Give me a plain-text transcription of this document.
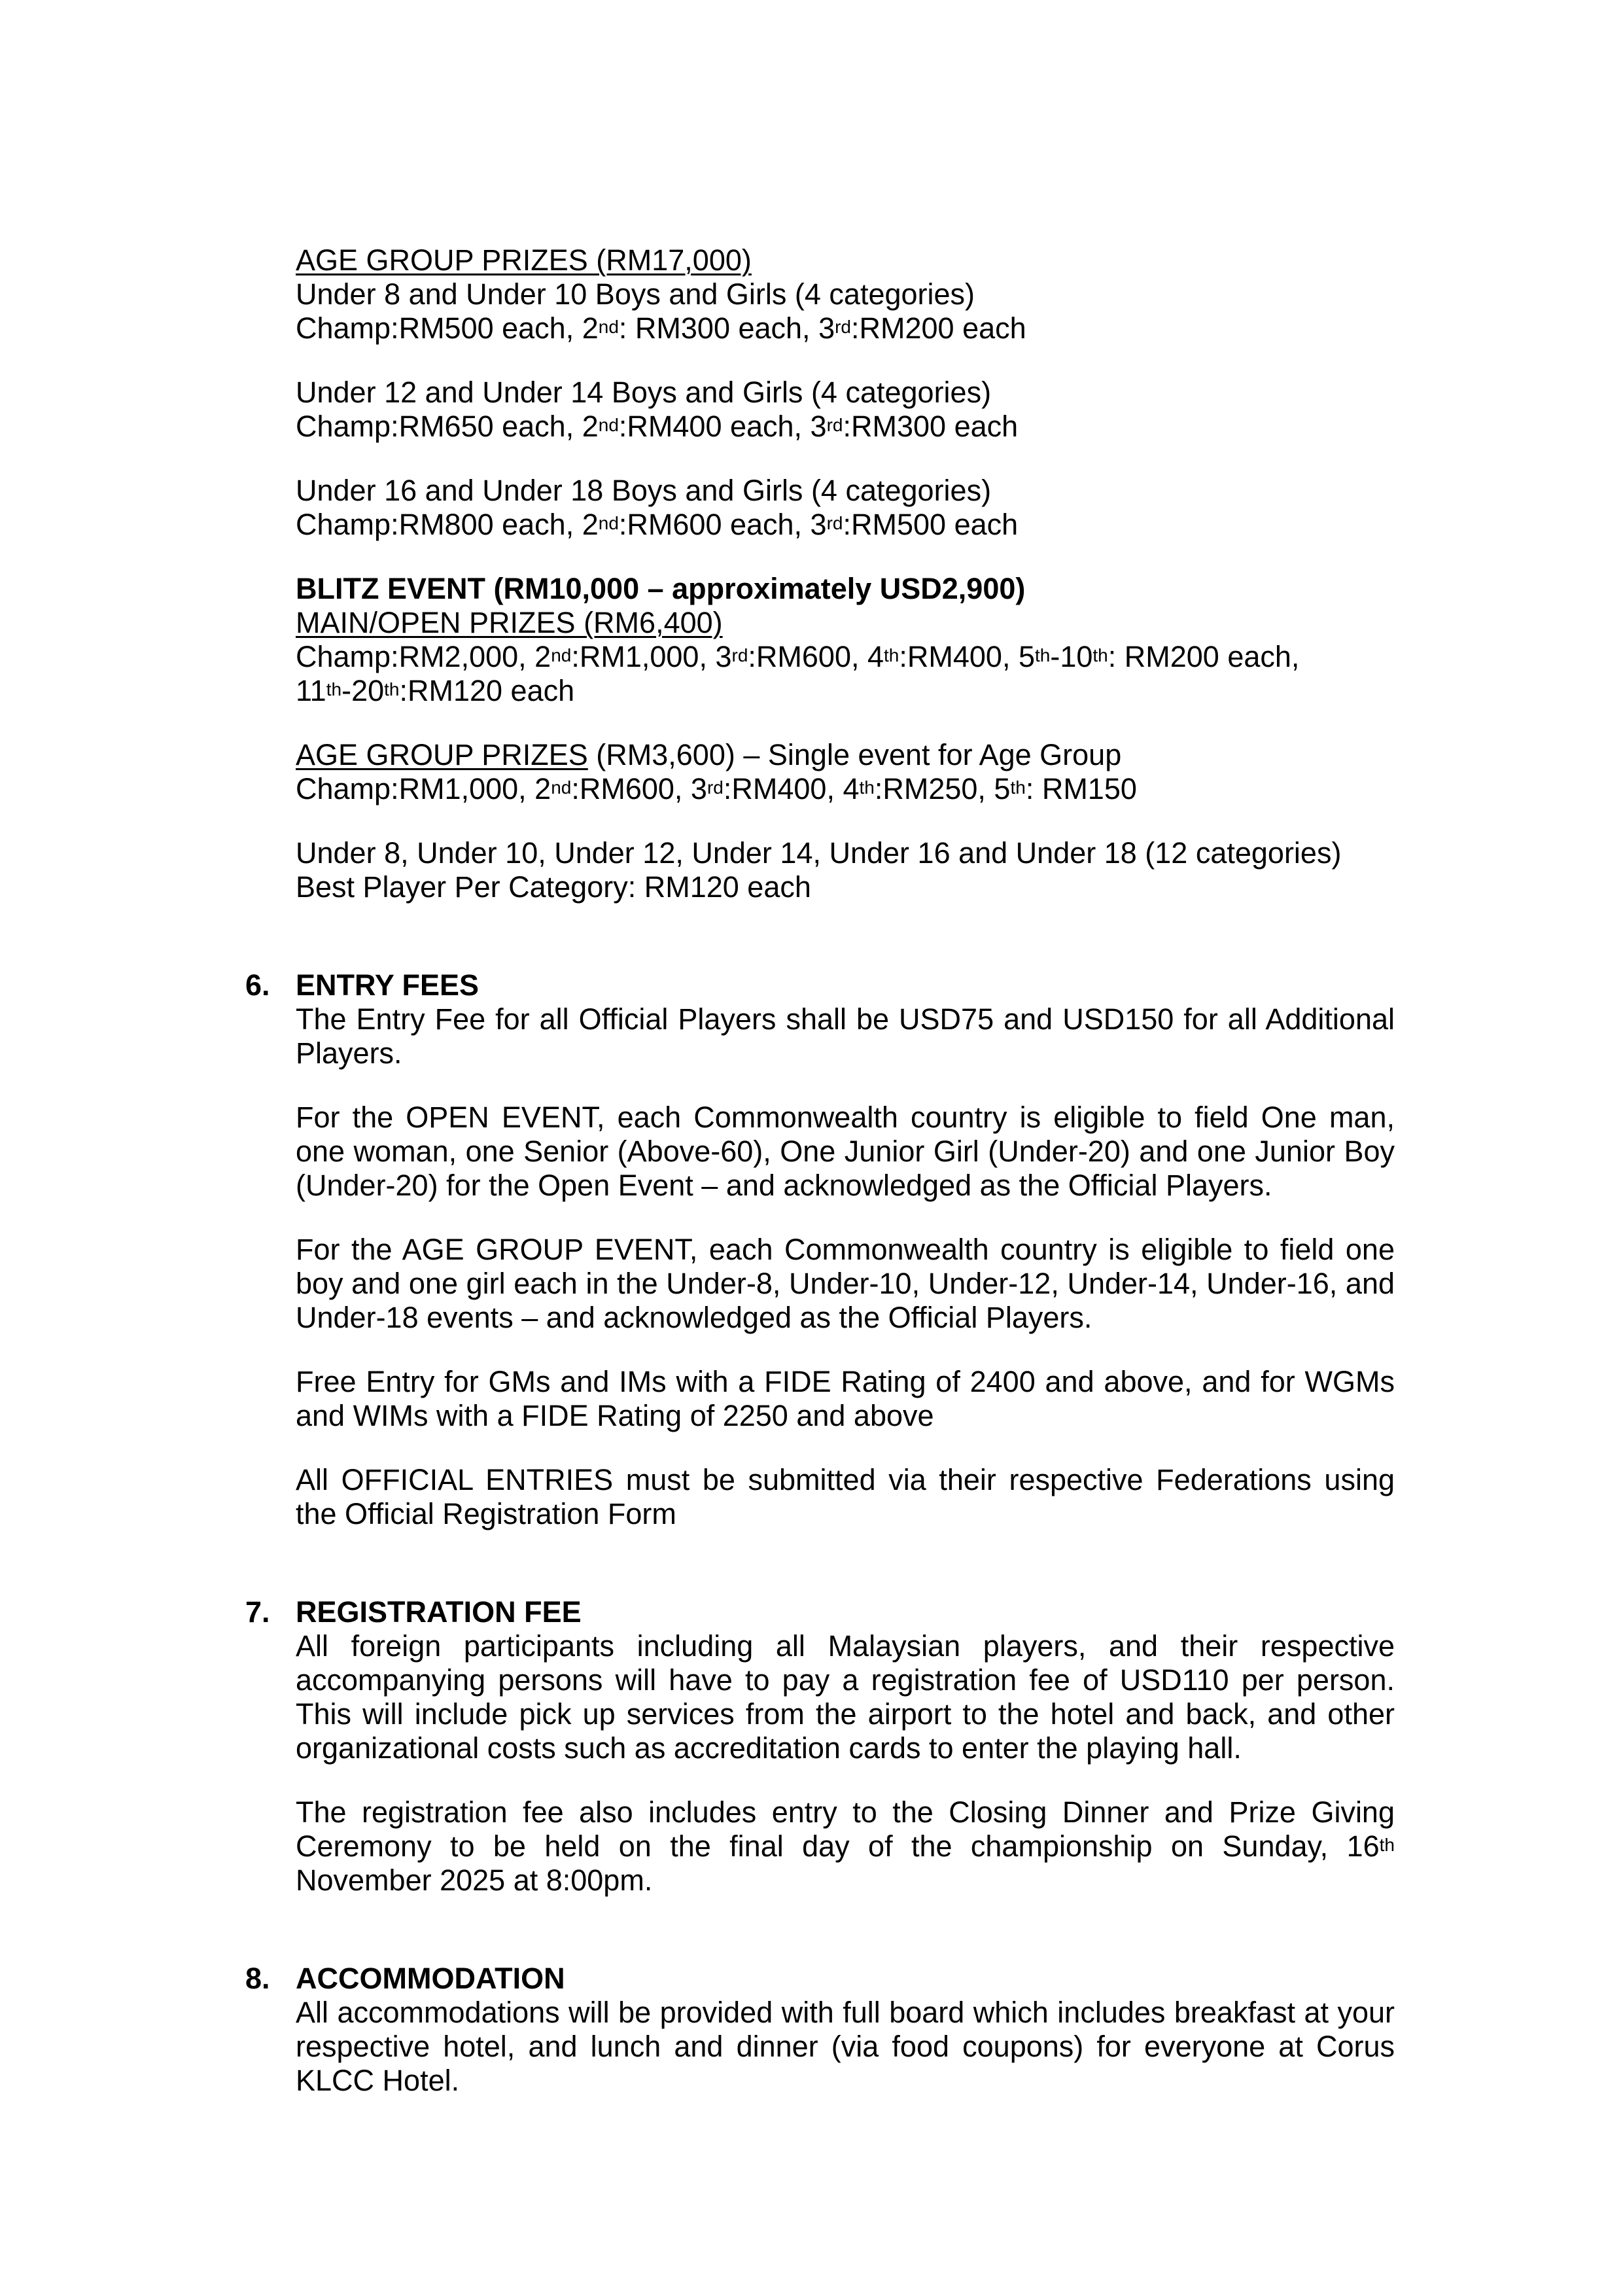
AGE GROUP PRIZES (RM17,000)
Under 8 and Under 10 Boys and Girls (4 categories)
Champ:RM500 each, 2nd: RM300 each, 3rd:RM200 each
Under 12 and Under 14 Boys and Girls (4 categories)
Champ:RM650 each, 2nd:RM400 each, 3rd:RM300 each
Under 16 and Under 18 Boys and Girls (4 categories)
Champ:RM800 each, 2nd:RM600 each, 3rd:RM500 each
BLITZ EVENT (RM10,000 – approximately USD2,900)
MAIN/OPEN PRIZES (RM6,400)
Champ:RM2,000, 2nd:RM1,000, 3rd:RM600, 4th:RM400, 5th-10th: RM200 each,
11th-20th:RM120 each
AGE GROUP PRIZES (RM3,600) – Single event for Age Group
Champ:RM1,000, 2nd:RM600, 3rd:RM400, 4th:RM250, 5th: RM150
Under 8, Under 10, Under 12, Under 14, Under 16 and Under 18 (12 categories)
Best Player Per Category: RM120 each
6. ENTRY FEES
The Entry Fee for all Official Players shall be USD75 and USD150 for all Additional Players.
For the OPEN EVENT, each Commonwealth country is eligible to field One man, one woman, one Senior (Above-60), One Junior Girl (Under-20) and one Junior Boy (Under-20) for the Open Event – and acknowledged as the Official Players.
For the AGE GROUP EVENT, each Commonwealth country is eligible to field one boy and one girl each in the Under-8, Under-10, Under-12, Under-14, Under-16, and Under-18 events – and acknowledged as the Official Players.
Free Entry for GMs and IMs with a FIDE Rating of 2400 and above, and for WGMs and WIMs with a FIDE Rating of 2250 and above
All OFFICIAL ENTRIES must be submitted via their respective Federations using the Official Registration Form
7. REGISTRATION FEE
All foreign participants including all Malaysian players, and their respective accompanying persons will have to pay a registration fee of USD110 per person. This will include pick up services from the airport to the hotel and back, and other organizational costs such as accreditation cards to enter the playing hall.
The registration fee also includes entry to the Closing Dinner and Prize Giving Ceremony to be held on the final day of the championship on Sunday, 16th November 2025 at 8:00pm.
8. ACCOMMODATION
All accommodations will be provided with full board which includes breakfast at your respective hotel, and lunch and dinner (via food coupons) for everyone at Corus KLCC Hotel.
